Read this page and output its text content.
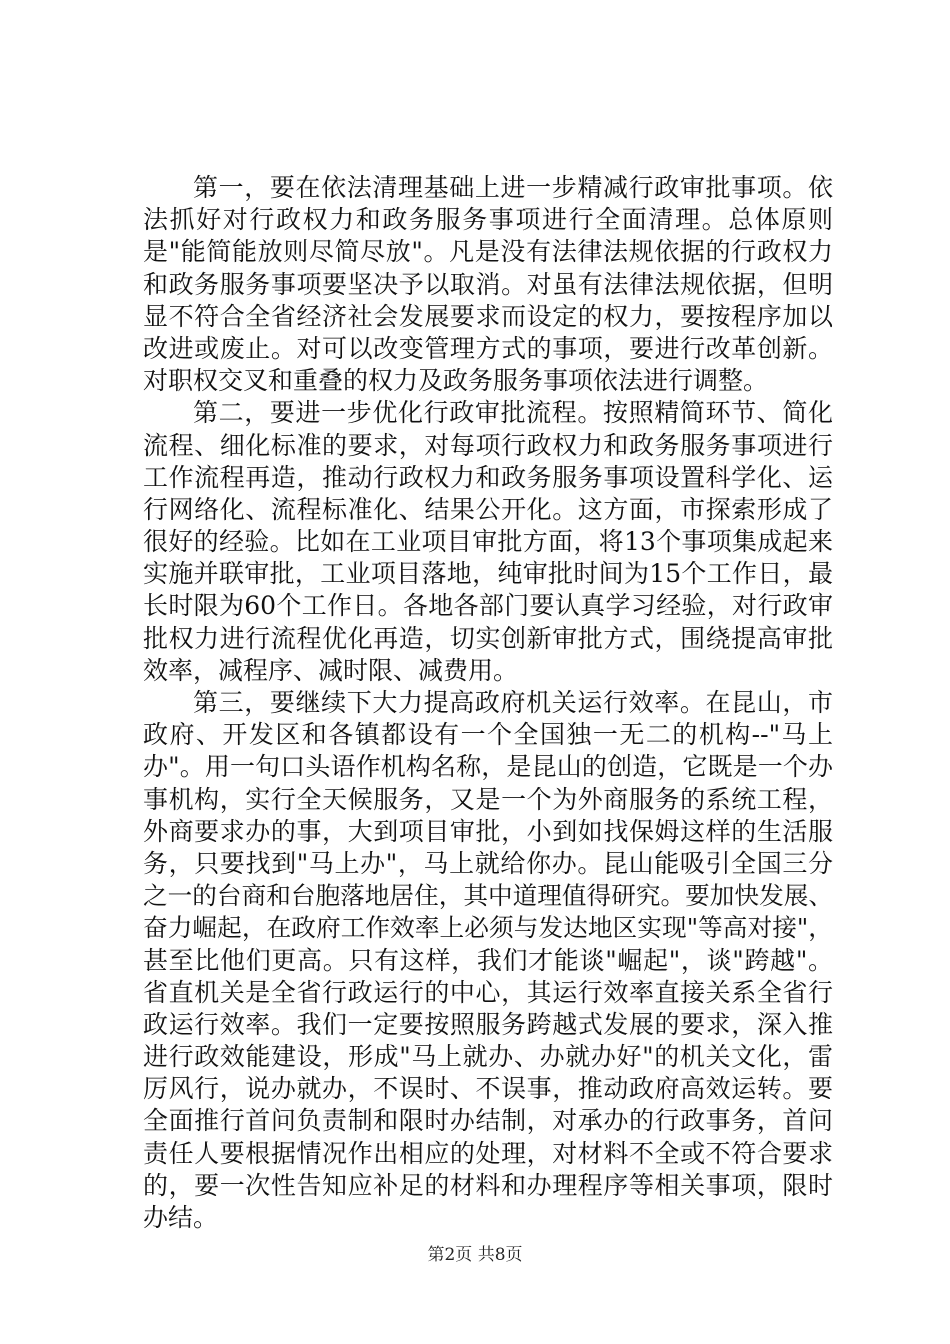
第一，要在依法清理基础上进一步精减行政审批事项。依
法抓好对行政权力和政务服务事项进行全面清理。总体原则
是"能简能放则尽简尽放"。凡是没有法律法规依据的行政权力
和政务服务事项要坚决予以取消。对虽有法律法规依据，但明
显不符合全省经济社会发展要求而设定的权力，要按程序加以
改进或废止。对可以改变管理方式的事项，要进行改革创新。
对职权交叉和重叠的权力及政务服务事项依法进行调整。
第二，要进一步优化行政审批流程。按照精简环节、简化
流程、细化标准的要求，对每项行政权力和政务服务事项进行
工作流程再造，推动行政权力和政务服务事项设置科学化、运
行网络化、流程标准化、结果公开化。这方面，市探索形成了
很好的经验。比如在工业项目审批方面，将13个事项集成起来
实施并联审批，工业项目落地，纯审批时间为15个工作日，最
长时限为60个工作日。各地各部门要认真学习经验，对行政审
批权力进行流程优化再造，切实创新审批方式，围绕提高审批
效率，减程序、减时限、减费用。
第三，要继续下大力提高政府机关运行效率。在昆山，市
政府、开发区和各镇都设有一个全国独一无二的机构--"马上
办"。用一句口头语作机构名称，是昆山的创造，它既是一个办
事机构，实行全天候服务，又是一个为外商服务的系统工程，
外商要求办的事，大到项目审批，小到如找保姆这样的生活服
务，只要找到"马上办"，马上就给你办。昆山能吸引全国三分
之一的台商和台胞落地居住，其中道理值得研究。要加快发展、
奋力崛起，在政府工作效率上必须与发达地区实现"等高对接"，
甚至比他们更高。只有这样，我们才能谈"崛起"，谈"跨越"。
省直机关是全省行政运行的中心，其运行效率直接关系全省行
政运行效率。我们一定要按照服务跨越式发展的要求，深入推
进行政效能建设，形成"马上就办、办就办好"的机关文化，雷
厉风行，说办就办，不误时、不误事，推动政府高效运转。要
全面推行首问负责制和限时办结制，对承办的行政事务，首问
责任人要根据情况作出相应的处理，对材料不全或不符合要求
的，要一次性告知应补足的材料和办理程序等相关事项，限时
办结。
第2页 共8页
